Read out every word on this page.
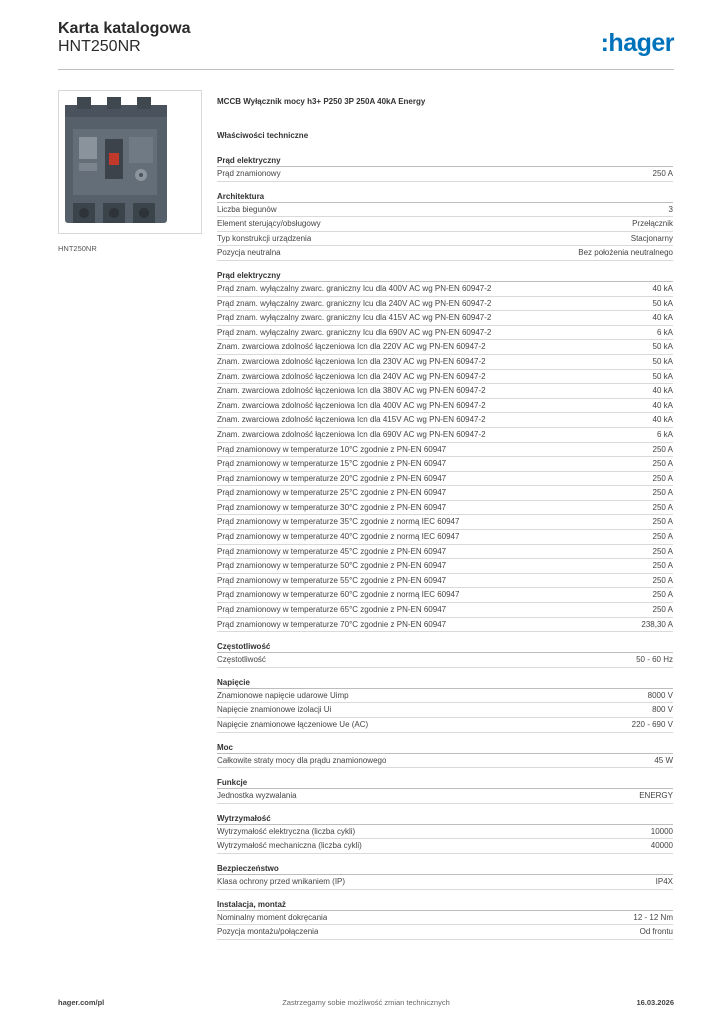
Karta katalogowa
HNT250NR	:hager
HNT250NR
MCCB Wyłącznik mocy h3+ P250 3P 250A 40kA Energy
Właściwości techniczne
Prąd elektryczny
Prąd znamionowy	250 A
Architektura
Liczba biegunów	3
Element sterujący/obsługowy	Przełącznik
Typ konstrukcji urządzenia	Stacjonarny
Pozycja neutralna	Bez położenia neutralnego
Prąd elektryczny
Prąd znam. wyłączalny zwarc. graniczny Icu dla 400V AC wg PN-EN 60947-2	40 kA
Prąd znam. wyłączalny zwarc. graniczny Icu dla 240V AC wg PN-EN 60947-2	50 kA
Prąd znam. wyłączalny zwarc. graniczny Icu dla 415V AC wg PN-EN 60947-2	40 kA
Prąd znam. wyłączalny zwarc. graniczny Icu dla 690V AC wg PN-EN 60947-2	6 kA
Znam. zwarciowa zdolność łączeniowa Icn dla 220V AC wg PN-EN 60947-2	50 kA
Znam. zwarciowa zdolność łączeniowa Icn dla 230V AC wg PN-EN 60947-2	50 kA
Znam. zwarciowa zdolność łączeniowa Icn dla 240V AC wg PN-EN 60947-2	50 kA
Znam. zwarciowa zdolność łączeniowa Icn dla 380V AC wg PN-EN 60947-2	40 kA
Znam. zwarciowa zdolność łączeniowa Icn dla 400V AC wg PN-EN 60947-2	40 kA
Znam. zwarciowa zdolność łączeniowa Icn dla 415V AC wg PN-EN 60947-2	40 kA
Znam. zwarciowa zdolność łączeniowa Icn dla 690V AC wg PN-EN 60947-2	6 kA
Prąd znamionowy w temperaturze 10°C zgodnie z PN-EN 60947	250 A
Prąd znamionowy w temperaturze 15°C zgodnie z PN-EN 60947	250 A
Prąd znamionowy w temperaturze 20°C zgodnie z PN-EN 60947	250 A
Prąd znamionowy w temperaturze 25°C zgodnie z PN-EN 60947	250 A
Prąd znamionowy w temperaturze 30°C zgodnie z PN-EN 60947	250 A
Prąd znamionowy w temperaturze 35°C zgodnie z normą IEC 60947	250 A
Prąd znamionowy w temperaturze 40°C zgodnie z normą IEC 60947	250 A
Prąd znamionowy w temperaturze 45°C zgodnie z PN-EN 60947	250 A
Prąd znamionowy w temperaturze 50°C zgodnie z PN-EN 60947	250 A
Prąd znamionowy w temperaturze 55°C zgodnie z PN-EN 60947	250 A
Prąd znamionowy w temperaturze 60°C zgodnie z normą IEC 60947	250 A
Prąd znamionowy w temperaturze 65°C zgodnie z PN-EN 60947	250 A
Prąd znamionowy w temperaturze 70°C zgodnie z PN-EN 60947	238,30 A
Częstotliwość
Częstotliwość	50 - 60 Hz
Napięcie
Znamionowe napięcie udarowe Uimp	8000 V
Napięcie znamionowe izolacji Ui	800 V
Napięcie znamionowe łączeniowe Ue (AC)	220 - 690 V
Moc
Całkowite straty mocy dla prądu znamionowego	45 W
Funkcje
Jednostka wyzwalania	ENERGY
Wytrzymałość
Wytrzymałość elektryczna (liczba cykli)	10000
Wytrzymałość mechaniczna (liczba cykli)	40000
Bezpieczeństwo
Klasa ochrony przed wnikaniem (IP)	IP4X
Instalacja, montaż
Nominalny moment dokręcania	12 - 12 Nm
Pozycja montażu/połączenia	Od frontu
hager.com/pl	Zastrzegamy sobie możliwość zmian technicznych	16.03.2026
